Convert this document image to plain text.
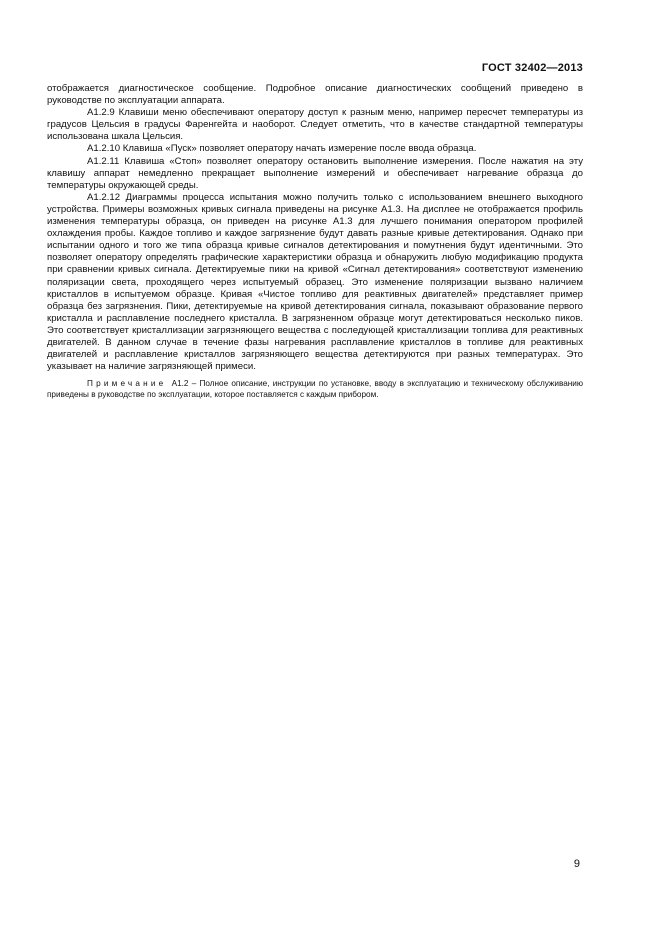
ГОСТ 32402—2013

отображается диагностическое сообщение. Подробное описание диагностических сообщений приведено в руководстве по эксплуатации аппарата.

А1.2.9 Клавиши меню обеспечивают оператору доступ к разным меню, например пересчет температуры из градусов Цельсия в градусы Фаренгейта и наоборот. Следует отметить, что в качестве стандартной температуры использована шкала Цельсия.

А1.2.10 Клавиша «Пуск» позволяет оператору начать измерение после ввода образца.

А1.2.11 Клавиша «Стоп» позволяет оператору остановить выполнение измерения. После нажатия на эту клавишу аппарат немедленно прекращает выполнение измерений и обеспечивает нагревание образца до температуры окружающей среды.

А1.2.12 Диаграммы процесса испытания можно получить только с использованием внешнего выходного устройства. Примеры возможных кривых сигнала приведены на рисунке А1.3. На дисплее не отображается профиль изменения температуры образца, он приведен на рисунке А1.3 для лучшего понимания оператором профилей охлаждения пробы. Каждое топливо и каждое загрязнение будут давать разные кривые детектирования. Однако при испытании одного и того же типа образца кривые сигналов детектирования и помутнения будут идентичными. Это позволяет оператору определять графические характеристики образца и обнаружить любую модификацию продукта при сравнении кривых сигнала. Детектируемые пики на кривой «Сигнал детектирования» соответствуют изменению поляризации света, проходящего через испытуемый образец. Это изменение поляризации вызвано наличием кристаллов в испытуемом образце. Кривая «Чистое топливо для реактивных двигателей» представляет пример образца без загрязнения. Пики, детектируемые на кривой детектирования сигнала, показывают образование первого кристалла и расплавление последнего кристалла. В загрязненном образце могут детектироваться несколько пиков. Это соответствует кристаллизации загрязняющего вещества с последующей кристаллизации топлива для реактивных двигателей. В данном случае в течение фазы нагревания расплавление кристаллов в топливе для реактивных двигателей и расплавление кристаллов загрязняющего вещества детектируются при разных температурах. Это указывает на наличие загрязняющей примеси.

Примечание А1.2 – Полное описание, инструкции по установке, вводу в эксплуатацию и техническому обслуживанию приведены в руководстве по эксплуатации, которое поставляется с каждым прибором.

9
